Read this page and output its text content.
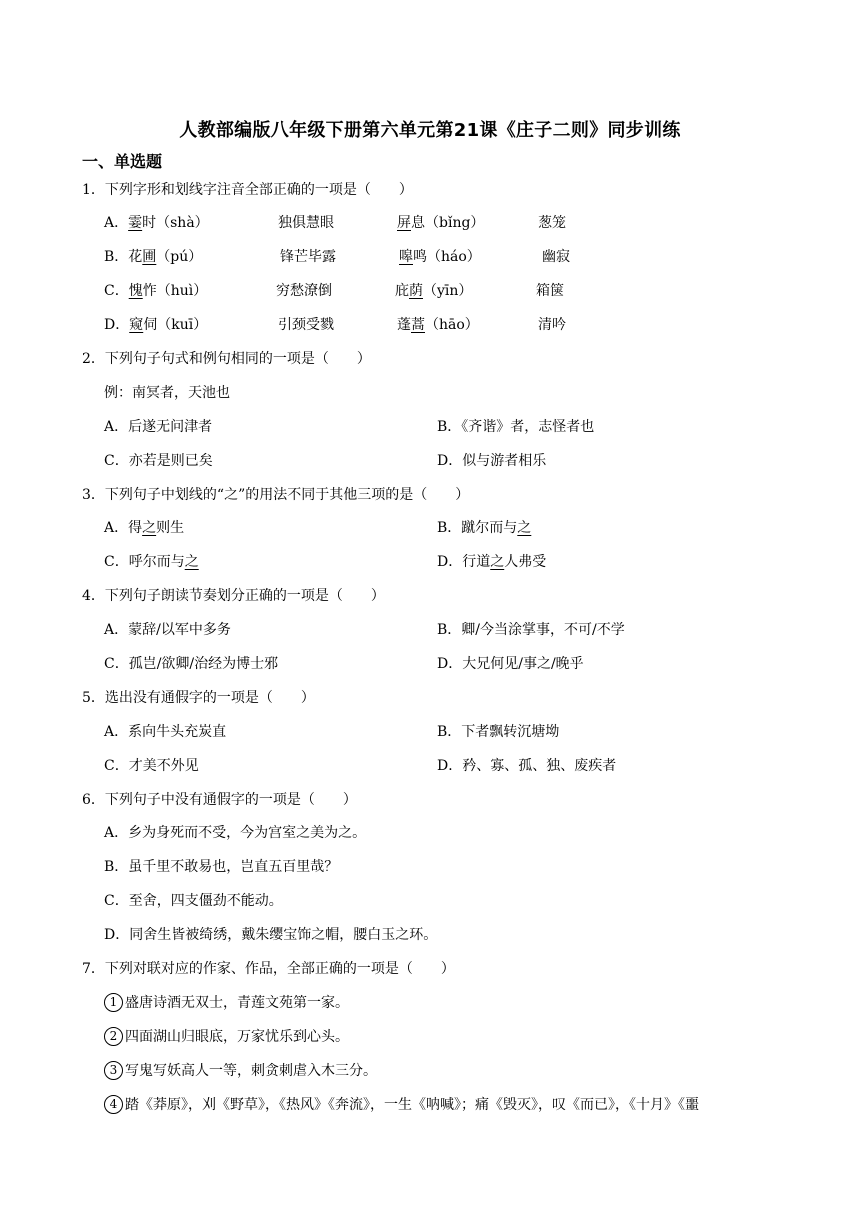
人教部编版八年级下册第六单元第21课《庄子二则》同步训练
一、单选题
1．下列字形和划线字注音全部正确的一项是（　　）
A．霎时（shà）	独俱慧眼	屏息（bǐng）	葱笼
B．花圃（pú）	锋芒毕露	嗥鸣（háo）	幽寂
C．愧怍（huì）	穷愁潦倒	庇荫（yīn）	箱箧
D．窥伺（kuī）	引颈受戮	蓬蒿（hāo）	清吟
2．下列句子句式和例句相同的一项是（　　）
例：南冥者，天池也
A．后遂无问津者	B．《齐谐》者，志怪者也
C．亦若是则已矣	D．似与游者相乐
3．下列句子中划线的“之”的用法不同于其他三项的是（　　）
A．得之则生	B．蹴尔而与之
C．呼尔而与之	D．行道之人弗受
4．下列句子朗读节奏划分正确的一项是（　　）
A．蒙辞/以军中多务	B．卿/今当涂掌事，不可/不学
C．孤岂/欲卿/治经为博士邪	D．大兄何见/事之/晚乎
5．选出没有通假字的一项是（　　）
A．系向牛头充炭直	B．下者飘转沉塘坳
C．才美不外见	D．矜、寡、孤、独、废疾者
6．下列句子中没有通假字的一项是（　　）
A．乡为身死而不受，今为宫室之美为之。
B．虽千里不敢易也，岂直五百里哉？
C．至舍，四支僵劲不能动。
D．同舍生皆被绮绣，戴朱缨宝饰之帽，腰白玉之环。
7．下列对联对应的作家、作品，全部正确的一项是（　　）
1 盛唐诗酒无双士，青莲文苑第一家。
2 四面湖山归眼底，万家忧乐到心头。
3 写鬼写妖高人一等，刺贪刺虐入木三分。
4 踏《莽原》，刈《野草》，《热风》《奔流》，一生《呐喊》；痛《毁灭》，叹《而已》，《十月》《噩
